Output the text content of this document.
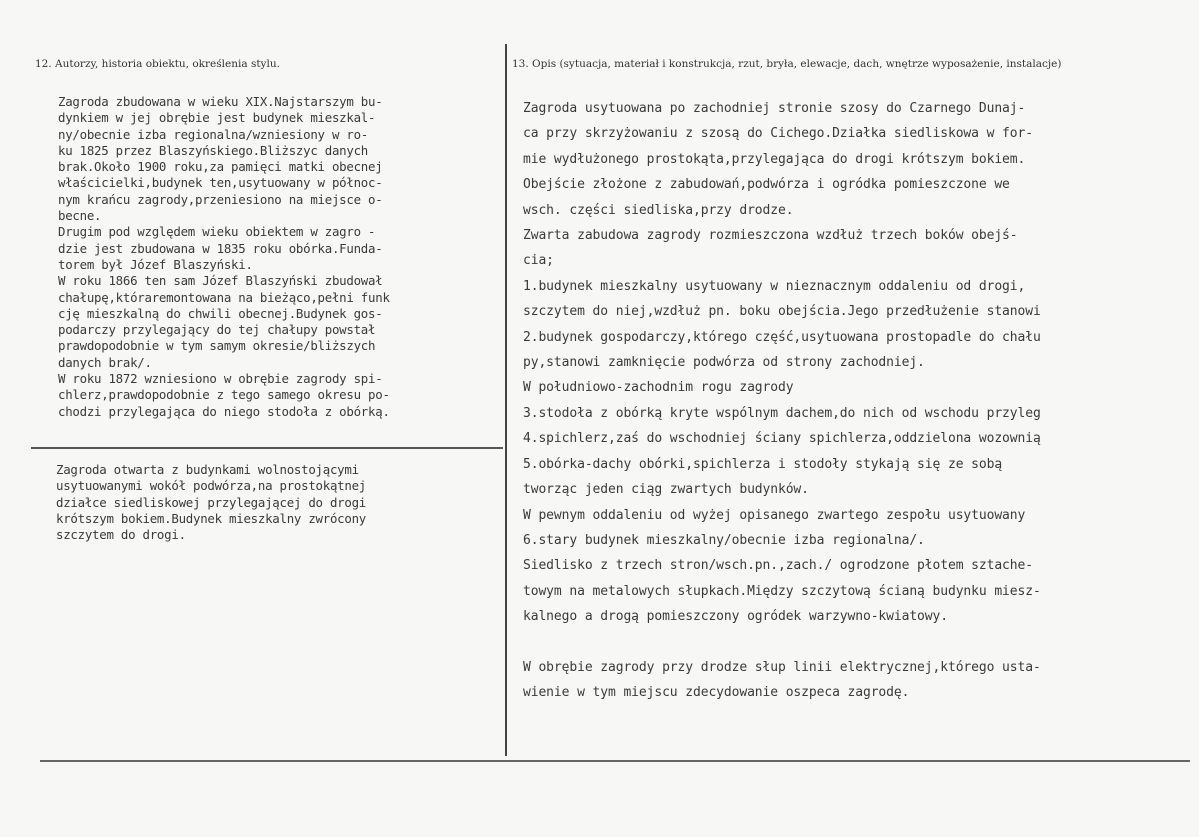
12. Autorzy, historia obiektu, określenia stylu.	13. Opis (sytuacja, materiał i konstrukcja, rzut, bryła, elewacje, dach, wnętrze wyposażenie, instalacje)
Zagroda zbudowana w wieku XIX.Najstarszym bu-
dynkiem w jej obrębie jest budynek mieszkal-
ny/obecnie izba regionalna/wzniesiony w ro-
ku 1825 przez Blaszyńskiego.Bliższyc danych
brak.Około 1900 roku,za pamięci matki obecnej
właścicielki,budynek ten,usytuowany w północ-
nym krańcu zagrody,przeniesiono na miejsce o-
becne.
Drugim pod względem wieku obiektem w zagro -
dzie jest zbudowana w 1835 roku obórka.Funda-
torem był Józef Blaszyński.
W roku 1866 ten sam Józef Blaszyński zbudował
chałupę,któraremontowana na bieżąco,pełni funk
cję mieszkalną do chwili obecnej.Budynek gos-
podarczy przylegający do tej chałupy powstał
prawdopodobnie w tym samym okresie/bliższych
danych brak/.
W roku 1872 wzniesiono w obrębie zagrody spi-
chlerz,prawdopodobnie z tego samego okresu po-
chodzi przylegająca do niego stodoła z obórką.
Zagroda otwarta z budynkami wolnostojącymi
usytuowanymi wokół podwórza,na prostokątnej
działce siedliskowej przylegającej do drogi
krótszym bokiem.Budynek mieszkalny zwrócony
szczytem do drogi.
Zagroda usytuowana po zachodniej stronie szosy do Czarnego Dunaj-
ca przy skrzyżowaniu z szosą do Cichego.Działka siedliskowa w for-
mie wydłużonego prostokąta,przylegająca do drogi krótszym bokiem.
Obejście złożone z zabudowań,podwórza i ogródka pomieszczone we
wsch. części siedliska,przy drodze.
Zwarta zabudowa zagrody rozmieszczona wzdłuż trzech boków obejś-
cia;
1.budynek mieszkalny usytuowany w nieznacznym oddaleniu od drogi,
szczytem do niej,wzdłuż pn. boku obejścia.Jego przedłużenie stanowi
2.budynek gospodarczy,którego część,usytuowana prostopadle do chału
py,stanowi zamknięcie podwórza od strony zachodniej.
W południowo-zachodnim rogu zagrody
3.stodoła z obórką kryte wspólnym dachem,do nich od wschodu przyleg
4.spichlerz,zaś do wschodniej ściany spichlerza,oddzielona wozownią
5.obórka-dachy obórki,spichlerza i stodoły stykają się ze sobą
tworząc jeden ciąg zwartych budynków.
W pewnym oddaleniu od wyżej opisanego zwartego zespołu usytuowany
6.stary budynek mieszkalny/obecnie izba regionalna/.
Siedlisko z trzech stron/wsch.pn.,zach./ ogrodzone płotem sztache-
towym na metalowych słupkach.Między szczytową ścianą budynku miesz-
kalnego a drogą pomieszczony ogródek warzywno-kwiatowy.

W obrębie zagrody przy drodze słup linii elektrycznej,którego usta-
wienie w tym miejscu zdecydowanie oszpeca zagrodę.
